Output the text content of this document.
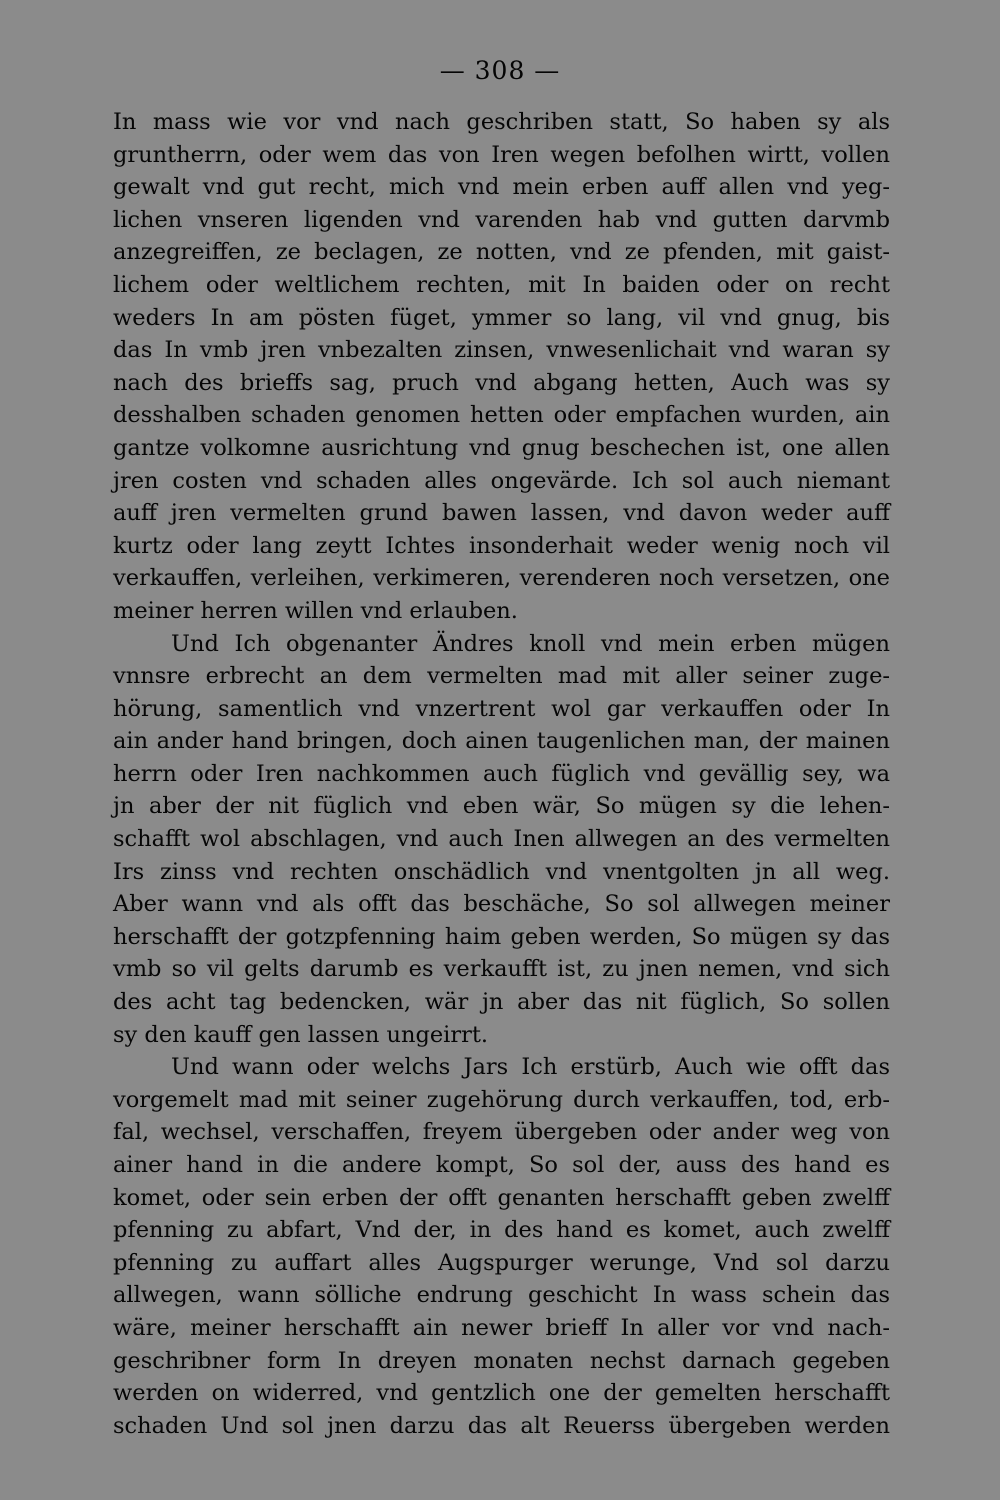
— 308 —
In mass wie vor vnd nach geschriben statt, So haben sy als
gruntherrn, oder wem das von Iren wegen befolhen wirtt, vollen
gewalt vnd gut recht, mich vnd mein erben auff allen vnd yeg-
lichen vnseren ligenden vnd varenden hab vnd gutten darvmb
anzegreiffen, ze beclagen, ze notten, vnd ze pfenden, mit gaist-
lichem oder weltlichem rechten, mit In baiden oder on recht
weders In am pösten füget, ymmer so lang, vil vnd gnug, bis
das In vmb jren vnbezalten zinsen, vnwesenlichait vnd waran sy
nach des brieffs sag, pruch vnd abgang hetten, Auch was sy
desshalben schaden genomen hetten oder empfachen wurden, ain
gantze volkomne ausrichtung vnd gnug beschechen ist, one allen
jren costen vnd schaden alles ongevärde. Ich sol auch niemant
auff jren vermelten grund bawen lassen, vnd davon weder auff
kurtz oder lang zeytt Ichtes insonderhait weder wenig noch vil
verkauffen, verleihen, verkimeren, verenderen noch versetzen, one
meiner herren willen vnd erlauben.
Und Ich obgenanter Ändres knoll vnd mein erben mügen
vnnsre erbrecht an dem vermelten mad mit aller seiner zuge-
hörung, samentlich vnd vnzertrent wol gar verkauffen oder In
ain ander hand bringen, doch ainen taugenlichen man, der mainen
herrn oder Iren nachkommen auch füglich vnd gevällig sey, wa
jn aber der nit füglich vnd eben wär, So mügen sy die lehen-
schafft wol abschlagen, vnd auch Inen allwegen an des vermelten
Irs zinss vnd rechten onschädlich vnd vnentgolten jn all weg.
Aber wann vnd als offt das beschäche, So sol allwegen meiner
herschafft der gotzpfenning haim geben werden, So mügen sy das
vmb so vil gelts darumb es verkaufft ist, zu jnen nemen, vnd sich
des acht tag bedencken, wär jn aber das nit füglich, So sollen
sy den kauff gen lassen ungeirrt.
Und wann oder welchs Jars Ich erstürb, Auch wie offt das
vorgemelt mad mit seiner zugehörung durch verkauffen, tod, erb-
fal, wechsel, verschaffen, freyem übergeben oder ander weg von
ainer hand in die andere kompt, So sol der, auss des hand es
komet, oder sein erben der offt genanten herschafft geben zwelff
pfenning zu abfart, Vnd der, in des hand es komet, auch zwelff
pfenning zu auffart alles Augspurger werunge, Vnd sol darzu
allwegen, wann sölliche endrung geschicht In wass schein das
wäre, meiner herschafft ain newer brieff In aller vor vnd nach-
geschribner form In dreyen monaten nechst darnach gegeben
werden on widerred, vnd gentzlich one der gemelten herschafft
schaden Und sol jnen darzu das alt Reuerss übergeben werden
